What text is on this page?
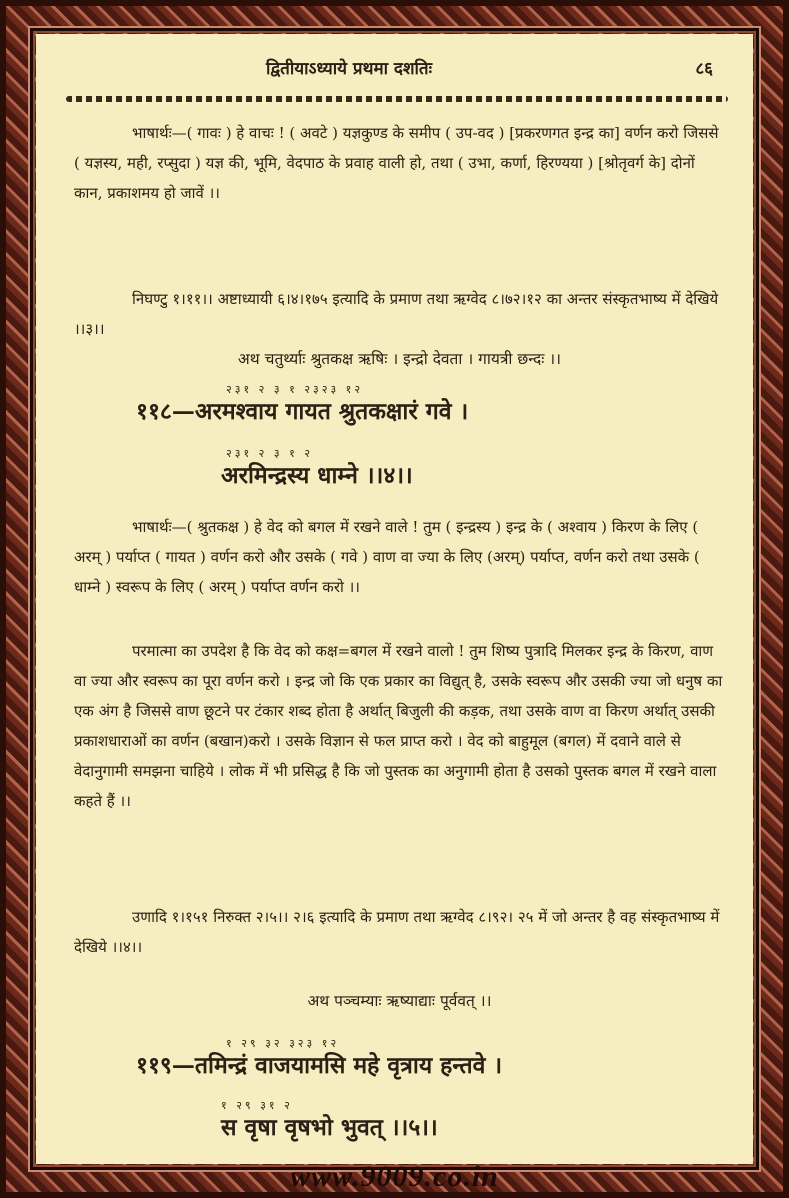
द्वितीयाऽध्याये प्रथमा दशतिः	८६

भाषार्थः—( गावः ) हे वाचः ! ( अवटे ) यज्ञकुण्ड के समीप ( उप-वद ) [प्रकरणगत इन्द्र का] वर्णन करो जिससे ( यज्ञस्य, मही, रप्सुदा ) यज्ञ की, भूमि, वेदपाठ के प्रवाह वाली हो, तथा ( उभा, कर्णा, हिरण्यया ) [श्रोतृवर्ग के] दोनों कान, प्रकाशमय हो जावें ।।

निघण्टु १।११।। अष्टाध्यायी ६।४।१७५ इत्यादि के प्रमाण तथा ऋग्वेद ८।७२।१२ का अन्तर संस्कृतभाष्य में देखिये ।।३।।

अथ चतुर्थ्याः श्रुतकक्ष ऋषिः । इन्द्रो देवता । गायत्री छन्दः ।।

२३१ २ ३ १ २३२३ १२
११८—अरमश्वाय गायत श्रुतकक्षारं गवे ।
२३१ २ ३ १ २
अरमिन्द्रस्य धाम्ने ।।४।।

भाषार्थः—( श्रुतकक्ष ) हे वेद को बगल में रखने वाले ! तुम ( इन्द्रस्य ) इन्द्र के ( अश्वाय ) किरण के लिए ( अरम् ) पर्याप्त ( गायत ) वर्णन करो और उसके ( गवे ) वाण वा ज्या के लिए (अरम्) पर्याप्त, वर्णन करो तथा उसके ( धाम्ने ) स्वरूप के लिए ( अरम् ) पर्याप्त वर्णन करो ।।

परमात्मा का उपदेश है कि वेद को कक्ष=बगल में रखने वालो ! तुम शिष्य पुत्रादि मिलकर इन्द्र के किरण, वाण वा ज्या और स्वरूप का पूरा वर्णन करो । इन्द्र जो कि एक प्रकार का विद्युत् है, उसके स्वरूप और उसकी ज्या जो धनुष का एक अंग है जिससे वाण छूटने पर टंकार शब्द होता है अर्थात् बिजुली की कड़क, तथा उसके वाण वा किरण अर्थात् उसकी प्रकाशधाराओं का वर्णन (बखान)करो । उसके विज्ञान से फल प्राप्त करो । वेद को बाहुमूल (बगल) में दवाने वाले से वेदानुगामी समझना चाहिये । लोक में भी प्रसिद्ध है कि जो पुस्तक का अनुगामी होता है उसको पुस्तक बगल में रखने वाला कहते हैं ।।

उणादि १।१५१ निरुक्त २।५।। २।६ इत्यादि के प्रमाण तथा ऋग्वेद ८।९२। २५ में जो अन्तर है वह संस्कृतभाष्य में देखिये ।।४।।

अथ पञ्चम्याः ऋष्याद्याः पूर्ववत् ।।

१ २९ ३२ ३२३ १२
११९—तमिन्द्रं वाजयामसि महे वृत्राय हन्तवे ।
१ २९ ३१ २
स वृषा वृषभो भुवत् ।।५।।
www.9009.co.in
